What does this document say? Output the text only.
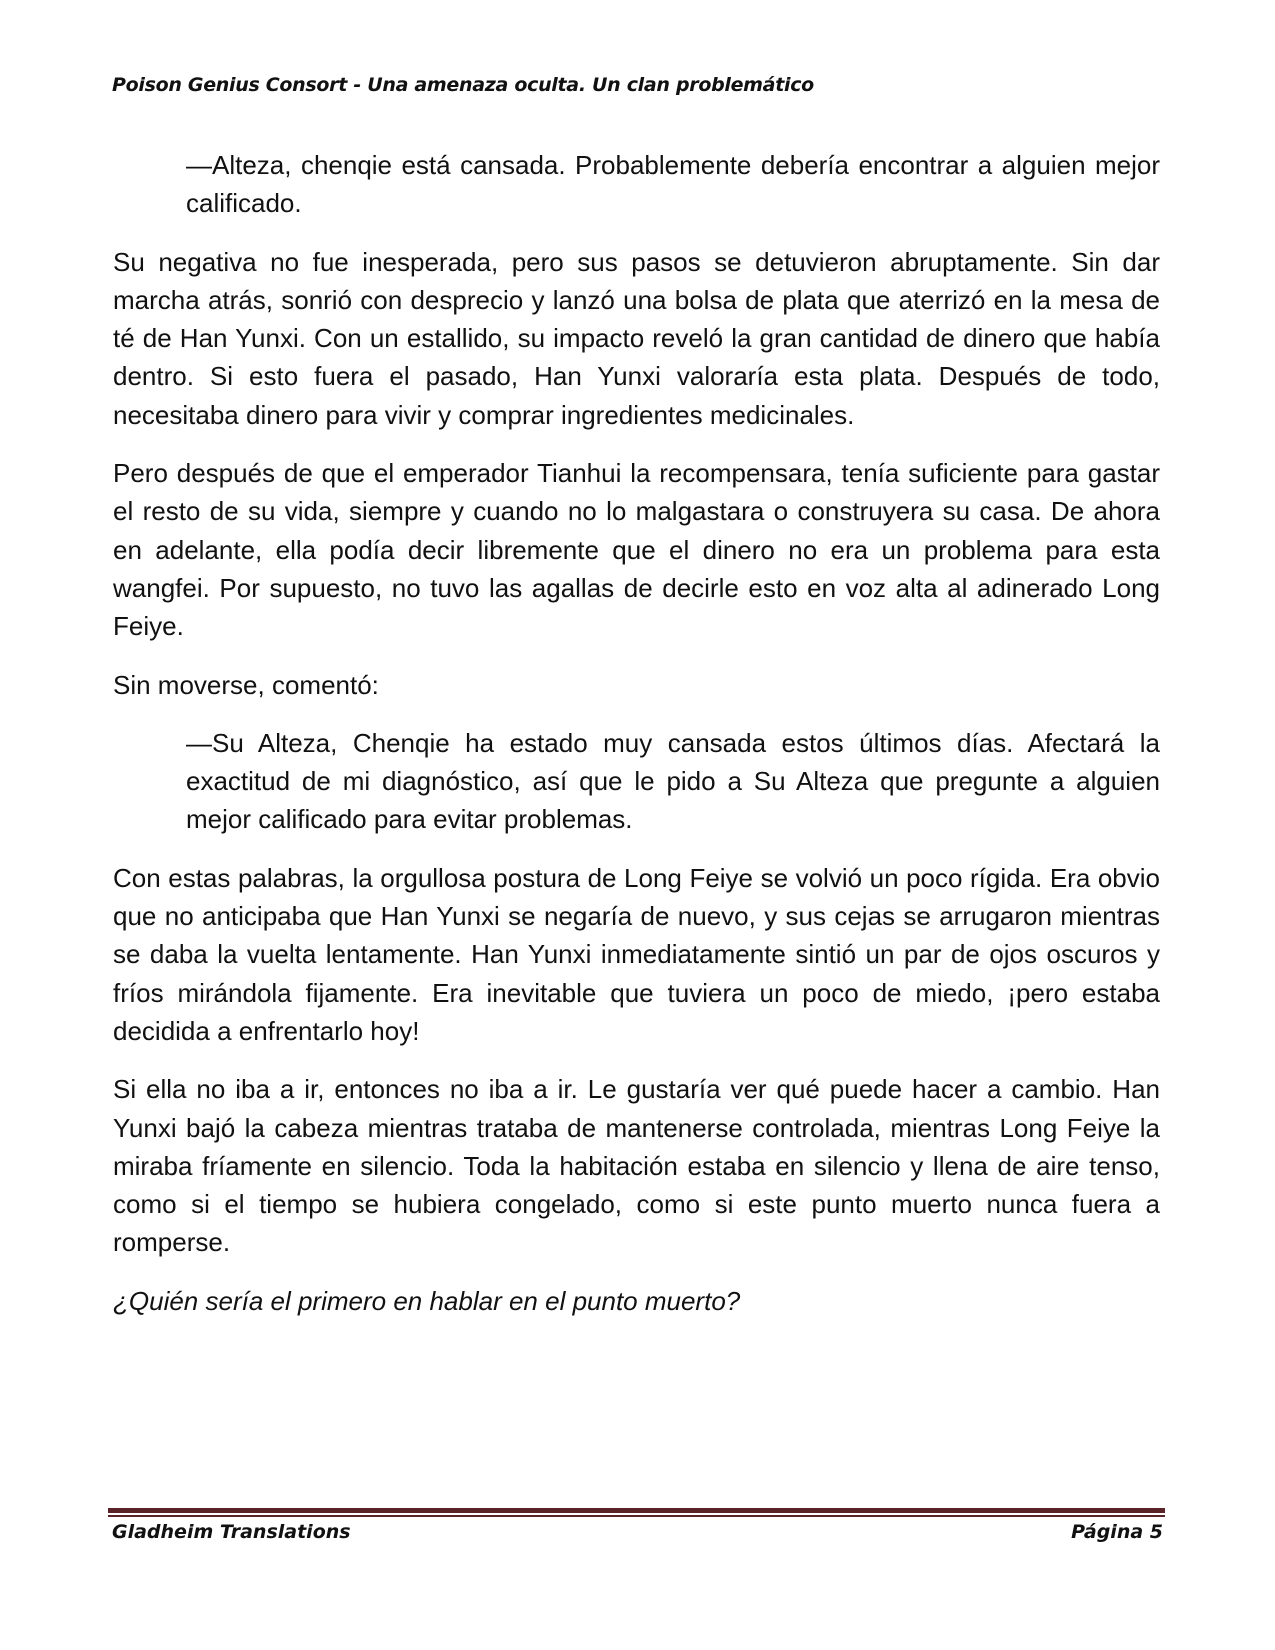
Poison Genius Consort - Una amenaza oculta. Un clan problemático

—Alteza, chenqie está cansada. Probablemente debería encontrar a alguien mejor calificado.

Su negativa no fue inesperada, pero sus pasos se detuvieron abruptamente. Sin dar marcha atrás, sonrió con desprecio y lanzó una bolsa de plata que aterrizó en la mesa de té de Han Yunxi. Con un estallido, su impacto reveló la gran cantidad de dinero que había dentro. Si esto fuera el pasado, Han Yunxi valoraría esta plata. Después de todo, necesitaba dinero para vivir y comprar ingredientes medicinales.

Pero después de que el emperador Tianhui la recompensara, tenía suficiente para gastar el resto de su vida, siempre y cuando no lo malgastara o construyera su casa. De ahora en adelante, ella podía decir libremente que el dinero no era un problema para esta wangfei. Por supuesto, no tuvo las agallas de decirle esto en voz alta al adinerado Long Feiye.

Sin moverse, comentó:

—Su Alteza, Chenqie ha estado muy cansada estos últimos días. Afectará la exactitud de mi diagnóstico, así que le pido a Su Alteza que pregunte a alguien mejor calificado para evitar problemas.

Con estas palabras, la orgullosa postura de Long Feiye se volvió un poco rígida. Era obvio que no anticipaba que Han Yunxi se negaría de nuevo, y sus cejas se arrugaron mientras se daba la vuelta lentamente. Han Yunxi inmediatamente sintió un par de ojos oscuros y fríos mirándola fijamente. Era inevitable que tuviera un poco de miedo, ¡pero estaba decidida a enfrentarlo hoy!

Si ella no iba a ir, entonces no iba a ir. Le gustaría ver qué puede hacer a cambio. Han Yunxi bajó la cabeza mientras trataba de mantenerse controlada, mientras Long Feiye la miraba fríamente en silencio. Toda la habitación estaba en silencio y llena de aire tenso, como si el tiempo se hubiera congelado, como si este punto muerto nunca fuera a romperse.

¿Quién sería el primero en hablar en el punto muerto?

Gladheim Translations	Página 5
